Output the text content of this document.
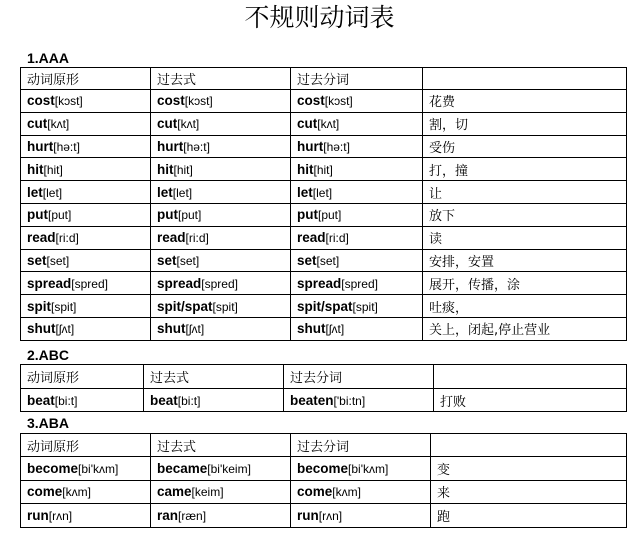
不规则动词表
1.AAA
动词原形	过去式	过去分词	
cost[kɔst]	cost[kɔst]	cost[kɔst]	花费
cut[kʌt]	cut[kʌt]	cut[kʌt]	割，切
hurt[hə:t]	hurt[hə:t]	hurt[hə:t]	受伤
hit[hit]	hit[hit]	hit[hit]	打，撞
let[let]	let[let]	let[let]	让
put[put]	put[put]	put[put]	放下
read[ri:d]	read[ri:d]	read[ri:d]	读
set[set]	set[set]	set[set]	安排，安置
spread[spred]	spread[spred]	spread[spred]	展开，传播，涂
spit[spit]	spit/spat[spit]	spit/spat[spit]	吐痰，
shut[ʃʌt]	shut[ʃʌt]	shut[ʃʌt]	关上，闭起,停止营业
2.ABC
动词原形	过去式	过去分词	
beat[bi:t]	beat[bi:t]	beaten['bi:tn]	打败
3.ABA
动词原形	过去式	过去分词	
become[bi'kʌm]	became[bi'keim]	become[bi'kʌm]	变
come[kʌm]	came[keim]	come[kʌm]	来
run[rʌn]	ran[ræn]	run[rʌn]	跑
